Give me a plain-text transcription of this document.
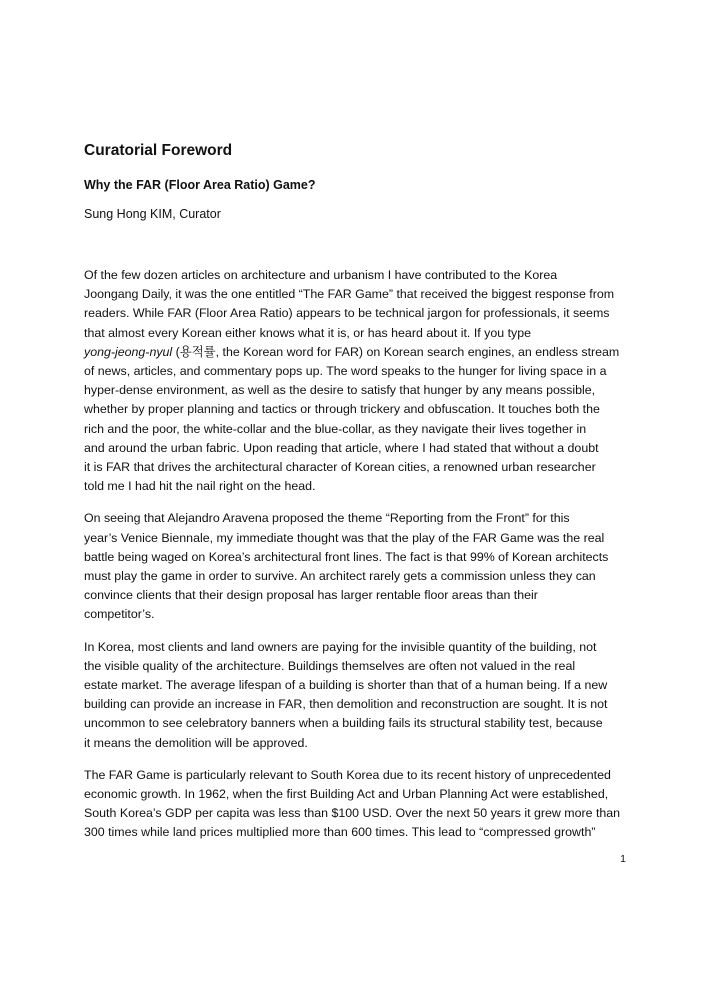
Curatorial Foreword
Why the FAR (Floor Area Ratio) Game?

Sung Hong KIM, Curator

Of the few dozen articles on architecture and urbanism I have contributed to the Korea
Joongang Daily, it was the one entitled “The FAR Game” that received the biggest response from
readers. While FAR (Floor Area Ratio) appears to be technical jargon for professionals, it seems
that almost every Korean either knows what it is, or has heard about it. If you type
yong-jeong-nyul (용적률, the Korean word for FAR) on Korean search engines, an endless stream
of news, articles, and commentary pops up. The word speaks to the hunger for living space in a
hyper-dense environment, as well as the desire to satisfy that hunger by any means possible,
whether by proper planning and tactics or through trickery and obfuscation. It touches both the
rich and the poor, the white-collar and the blue-collar, as they navigate their lives together in
and around the urban fabric. Upon reading that article, where I had stated that without a doubt
it is FAR that drives the architectural character of Korean cities, a renowned urban researcher
told me I had hit the nail right on the head.

On seeing that Alejandro Aravena proposed the theme “Reporting from the Front” for this
year’s Venice Biennale, my immediate thought was that the play of the FAR Game was the real
battle being waged on Korea’s architectural front lines. The fact is that 99% of Korean architects
must play the game in order to survive. An architect rarely gets a commission unless they can
convince clients that their design proposal has larger rentable floor areas than their
competitor’s.

In Korea, most clients and land owners are paying for the invisible quantity of the building, not
the visible quality of the architecture. Buildings themselves are often not valued in the real
estate market. The average lifespan of a building is shorter than that of a human being. If a new
building can provide an increase in FAR, then demolition and reconstruction are sought. It is not
uncommon to see celebratory banners when a building fails its structural stability test, because
it means the demolition will be approved.

The FAR Game is particularly relevant to South Korea due to its recent history of unprecedented
economic growth. In 1962, when the first Building Act and Urban Planning Act were established,
South Korea’s GDP per capita was less than $100 USD. Over the next 50 years it grew more than
300 times while land prices multiplied more than 600 times. This lead to “compressed growth”

1
